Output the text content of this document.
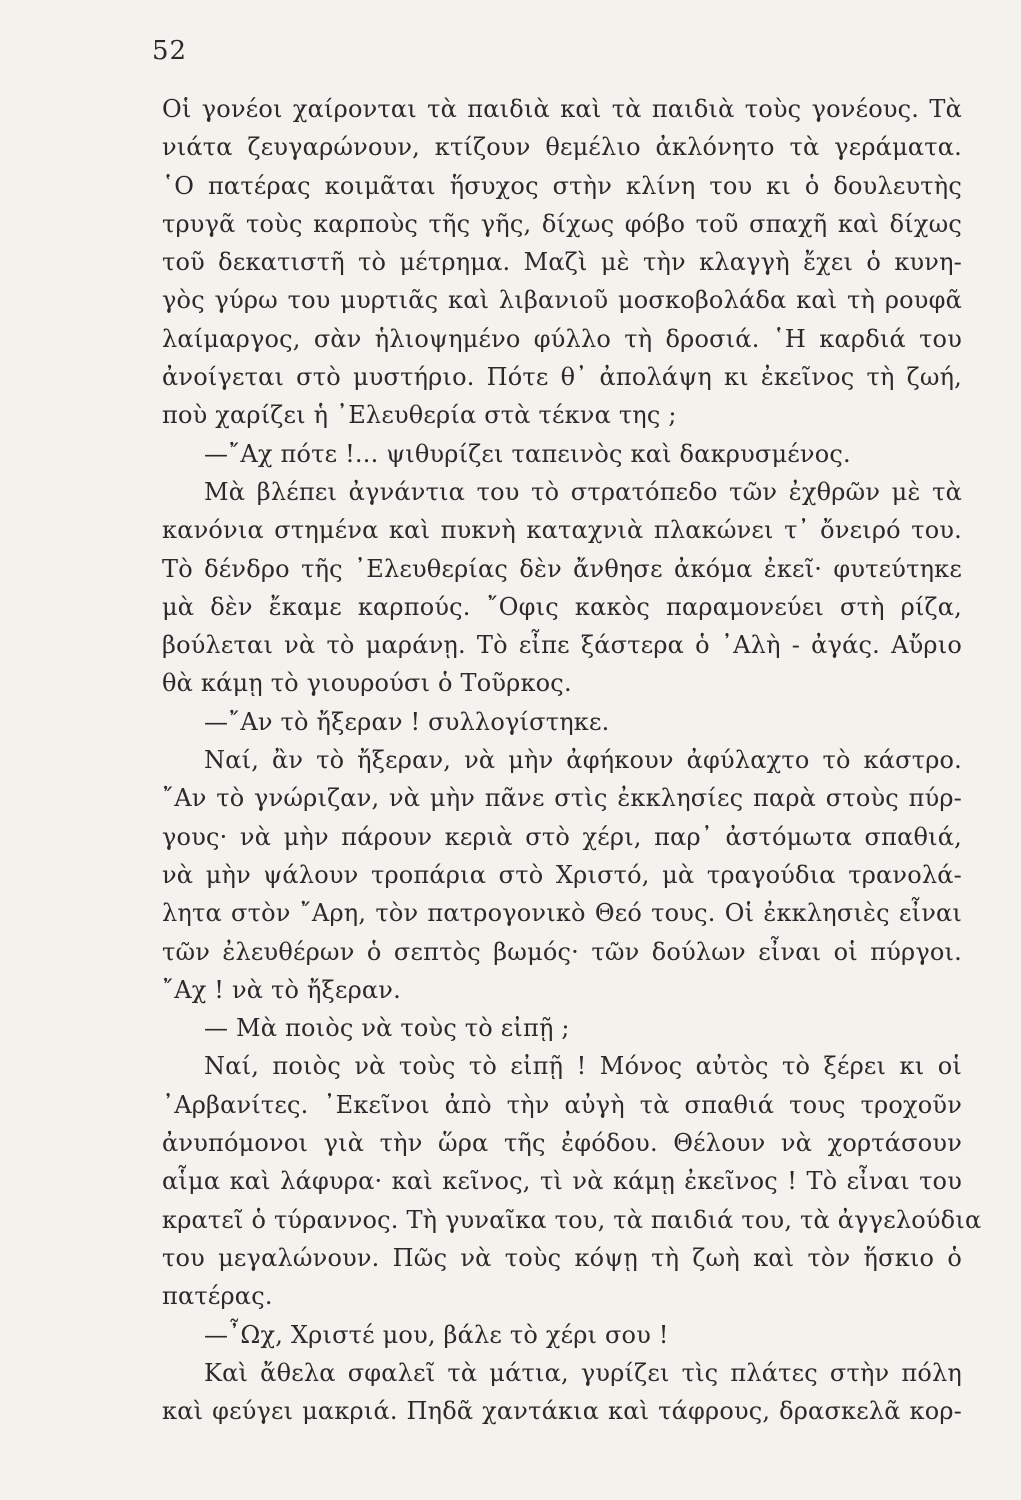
52
Οἱ γονέοι χαίρονται τὰ παιδιὰ καὶ τὰ παιδιὰ τοὺς γονέους. Τὰ
νιάτα ζευγαρώνουν, κτίζουν θεμέλιο ἀκλόνητο τὰ γεράματα.
῾Ο πατέρας κοιμᾶται ἥσυχος στὴν κλίνη του κι ὁ δουλευτὴς
τρυγᾶ τοὺς καρποὺς τῆς γῆς, δίχως φόβο τοῦ σπαχῆ καὶ δίχως
τοῦ δεκατιστῆ τὸ μέτρημα. Μαζὶ μὲ τὴν κλαγγὴ ἔχει ὁ κυνη-
γὸς γύρω του μυρτιᾶς καὶ λιβανιοῦ μοσκοβολάδα καὶ τὴ ρουφᾶ
λαίμαργος, σὰν ἡλιοψημένο φύλλο τὴ δροσιά. ῾Η καρδιά του
ἀνοίγεται στὸ μυστήριο. Πότε θ᾿ ἀπολάψη κι ἐκεῖνος τὴ ζωή,
ποὺ χαρίζει ἡ ᾿Ελευθερία στὰ τέκνα της ;
—῎Αχ πότε !... ψιθυρίζει ταπεινὸς καὶ δακρυσμένος.
Μὰ βλέπει ἀγνάντια του τὸ στρατόπεδο τῶν ἐχθρῶν μὲ τὰ
κανόνια στημένα καὶ πυκνὴ καταχνιὰ πλακώνει τ᾿ ὄνειρό του.
Τὸ δένδρο τῆς ᾿Ελευθερίας δὲν ἄνθησε ἀκόμα ἐκεῖ· φυτεύτηκε
μὰ δὲν ἔκαμε καρπούς. ῎Οφις κακὸς παραμονεύει στὴ ρίζα,
βούλεται νὰ τὸ μαράνῃ. Τὸ εἶπε ξάστερα ὁ ᾿Αλὴ - ἀγάς. Αὔριο
θὰ κάμῃ τὸ γιουρούσι ὁ Τοῦρκος.
—῎Αν τὸ ἤξεραν ! συλλογίστηκε.
Ναί, ἂν τὸ ἤξεραν, νὰ μὴν ἀφήκουν ἀφύλαχτο τὸ κάστρο.
῎Αν τὸ γνώριζαν, νὰ μὴν πᾶνε στὶς ἐκκλησίες παρὰ στοὺς πύρ-
γους· νὰ μὴν πάρουν κεριὰ στὸ χέρι, παρ᾿ ἀστόμωτα σπαθιά,
νὰ μὴν ψάλουν τροπάρια στὸ Χριστό, μὰ τραγούδια τρανολά-
λητα στὸν ῎Αρη, τὸν πατρογονικὸ Θεό τους. Οἱ ἐκκλησιὲς εἶναι
τῶν ἐλευθέρων ὁ σεπτὸς βωμός· τῶν δούλων εἶναι οἱ πύργοι.
῎Αχ ! νὰ τὸ ἤξεραν.
— Μὰ ποιὸς νὰ τοὺς τὸ εἰπῇ ;
Ναί, ποιὸς νὰ τοὺς τὸ εἰπῇ ! Μόνος αὐτὸς τὸ ξέρει κι οἱ
᾿Αρβανίτες. ᾿Εκεῖνοι ἀπὸ τὴν αὐγὴ τὰ σπαθιά τους τροχοῦν
ἀνυπόμονοι γιὰ τὴν ὥρα τῆς ἐφόδου. Θέλουν νὰ χορτάσουν
αἷμα καὶ λάφυρα· καὶ κεῖνος, τὶ νὰ κάμῃ ἐκεῖνος ! Τὸ εἶναι του
κρατεῖ ὁ τύραννος. Τὴ γυναῖκα του, τὰ παιδιά του, τὰ ἀγγελούδια
του μεγαλώνουν. Πῶς νὰ τοὺς κόψῃ τὴ ζωὴ καὶ τὸν ἥσκιο ὁ
πατέρας.
—῏Ωχ, Χριστέ μου, βάλε τὸ χέρι σου !
Καὶ ἄθελα σφαλεῖ τὰ μάτια, γυρίζει τὶς πλάτες στὴν πόλη
καὶ φεύγει μακριά. Πηδᾶ χαντάκια καὶ τάφρους, δρασκελᾶ κορ-
